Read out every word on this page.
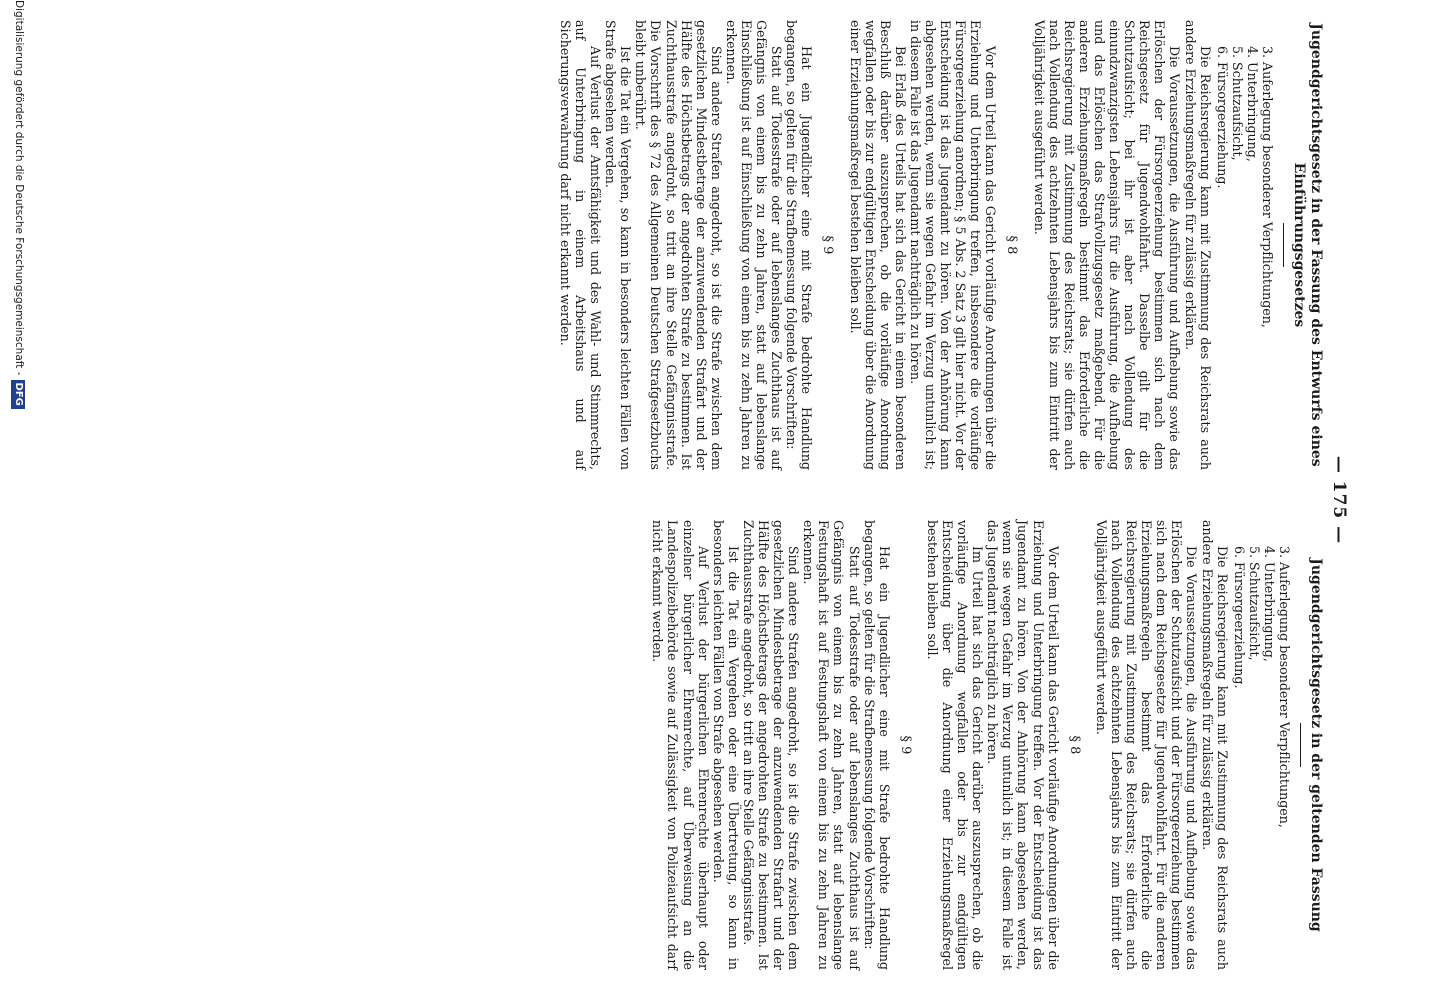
— 175 —
Jugendgerichtsgesetz in der Fassung des Entwurfs eines Einführungsgesetzes
3. Auferlegung besonderer Verpflichtungen,
4. Unterbringung,
5. Schutzaufsicht,
6. Fürsorgeerziehung.

Die Reichsregierung kann mit Zustimmung des Reichsrats auch andere Erziehungsmaßregeln für zulässig erklären.

Die Voraussetzungen, die Ausführung und Aufhebung sowie das Erlöschen der Fürsorgeerziehung bestimmen sich nach dem Reichsgesetz für Jugendwohlfahrt. Dasselbe gilt für die Schutzaufsicht; bei ihr ist aber nach Vollendung des einundzwanzigsten Lebensjahrs für die Ausführung, die Aufhebung und das Erlöschen das Strafvollzugsgesetz maßgebend. Für die anderen Erziehungsmaßregeln bestimmt das Erforderliche die Reichsregierung mit Zustimmung des Reichsrats; sie dürfen auch nach Vollendung des achtzehnten Lebensjahrs bis zum Eintritt der Volljährigkeit ausgeführt werden.

§ 8

Vor dem Urteil kann das Gericht vorläufige Anordnungen über die Erziehung und Unterbringung treffen, insbesondere die vorläufige Fürsorgeerziehung anordnen; § 5 Abs. 2 Satz 3 gilt hier nicht. Vor der Entscheidung ist das Jugendamt zu hören. Von der Anhörung kann abgesehen werden, wenn sie wegen Gefahr im Verzug untunlich ist; in diesem Falle ist das Jugendamt nachträglich zu hören.

Bei Erlaß des Urteils hat sich das Gericht in einem besonderen Beschluß darüber auszusprechen, ob die vorläufige Anordnung wegfallen oder bis zur endgültigen Entscheidung über die Anordnung einer Erziehungsmaßregel bestehen bleiben soll.

§ 9

Hat ein Jugendlicher eine mit Strafe bedrohte Handlung begangen, so gelten für die Strafbemessung folgende Vorschriften:

Statt auf Todesstrafe oder auf lebenslanges Zuchthaus ist auf Gefängnis von einem bis zu zehn Jahren, statt auf lebenslange Einschließung ist auf Einschließung von einem bis zu zehn Jahren zu erkennen.

Sind andere Strafen angedroht, so ist die Strafe zwischen dem gesetzlichen Mindestbetrage der anzuwendenden Strafart und der Hälfte des Höchstbetrags der angedrohten Strafe zu bestimmen. Ist Zuchthausstrafe angedroht, so tritt an ihre Stelle Gefängnisstrafe. Die Vorschrift des § 72 des Allgemeinen Deutschen Strafgesetzbuchs bleibt unberührt.

Ist die Tat ein Vergehen, so kann in besonders leichten Fällen von Strafe abgesehen werden.

Auf Verlust der Amtsfähigkeit und des Wahl- und Stimmrechts, auf Unterbringung in einem Arbeitshaus und auf Sicherungsverwahrung darf nicht erkannt werden.

Jugendgerichtsgesetz in der geltenden Fassung
3. Auferlegung besonderer Verpflichtungen,
4. Unterbringung,
5. Schutzaufsicht,
6. Fürsorgeerziehung.

Die Reichsregierung kann mit Zustimmung des Reichsrats auch andere Erziehungsmaßregeln für zulässig erklären.

Die Voraussetzungen, die Ausführung und Aufhebung sowie das Erlöschen der Schutzaufsicht und der Fürsorgeerziehung bestimmen sich nach dem Reichsgesetze für Jugendwohlfahrt. Für die anderen Erziehungsmaßregeln bestimmt das Erforderliche die Reichsregierung mit Zustimmung des Reichsrats; sie dürfen auch nach Vollendung des achtzehnten Lebensjahrs bis zum Eintritt der Volljährigkeit ausgeführt werden.

§ 8

Vor dem Urteil kann das Gericht vorläufige Anordnungen über die Erziehung und Unterbringung treffen. Vor der Entscheidung ist das Jugendamt zu hören. Von der Anhörung kann abgesehen werden, wenn sie wegen Gefahr im Verzug untunlich ist; in diesem Falle ist das Jugendamt nachträglich zu hören.

Im Urteil hat sich das Gericht darüber auszusprechen, ob die vorläufige Anordnung wegfallen oder bis zur endgültigen Entscheidung über die Anordnung einer Erziehungsmaßregel bestehen bleiben soll.

§ 9

Hat ein Jugendlicher eine mit Strafe bedrohte Handlung begangen, so gelten für die Strafbemessung folgende Vorschriften:

Statt auf Todesstrafe oder auf lebenslanges Zuchthaus ist auf Gefängnis von einem bis zu zehn Jahren, statt auf lebenslange Festungshaft ist auf Festungshaft von einem bis zu zehn Jahren zu erkennen.

Sind andere Strafen angedroht, so ist die Strafe zwischen dem gesetzlichen Mindestbetrage der anzuwendenden Strafart und der Hälfte des Höchstbetrags der angedrohten Strafe zu bestimmen. Ist Zuchthausstrafe angedroht, so tritt an ihre Stelle Gefängnisstrafe.

Ist die Tat ein Vergehen oder eine Übertretung, so kann in besonders leichten Fällen von Strafe abgesehen werden.

Auf Verlust der bürgerlichen Ehrenrechte überhaupt oder einzelner bürgerlicher Ehrenrechte, auf Überweisung an die Landespolizeibehörde sowie auf Zulässigkeit von Polizeiaufsicht darf nicht erkannt werden.

Digitalisierung gefördert durch die Deutsche Forschungsgemeinschaft -DFG
